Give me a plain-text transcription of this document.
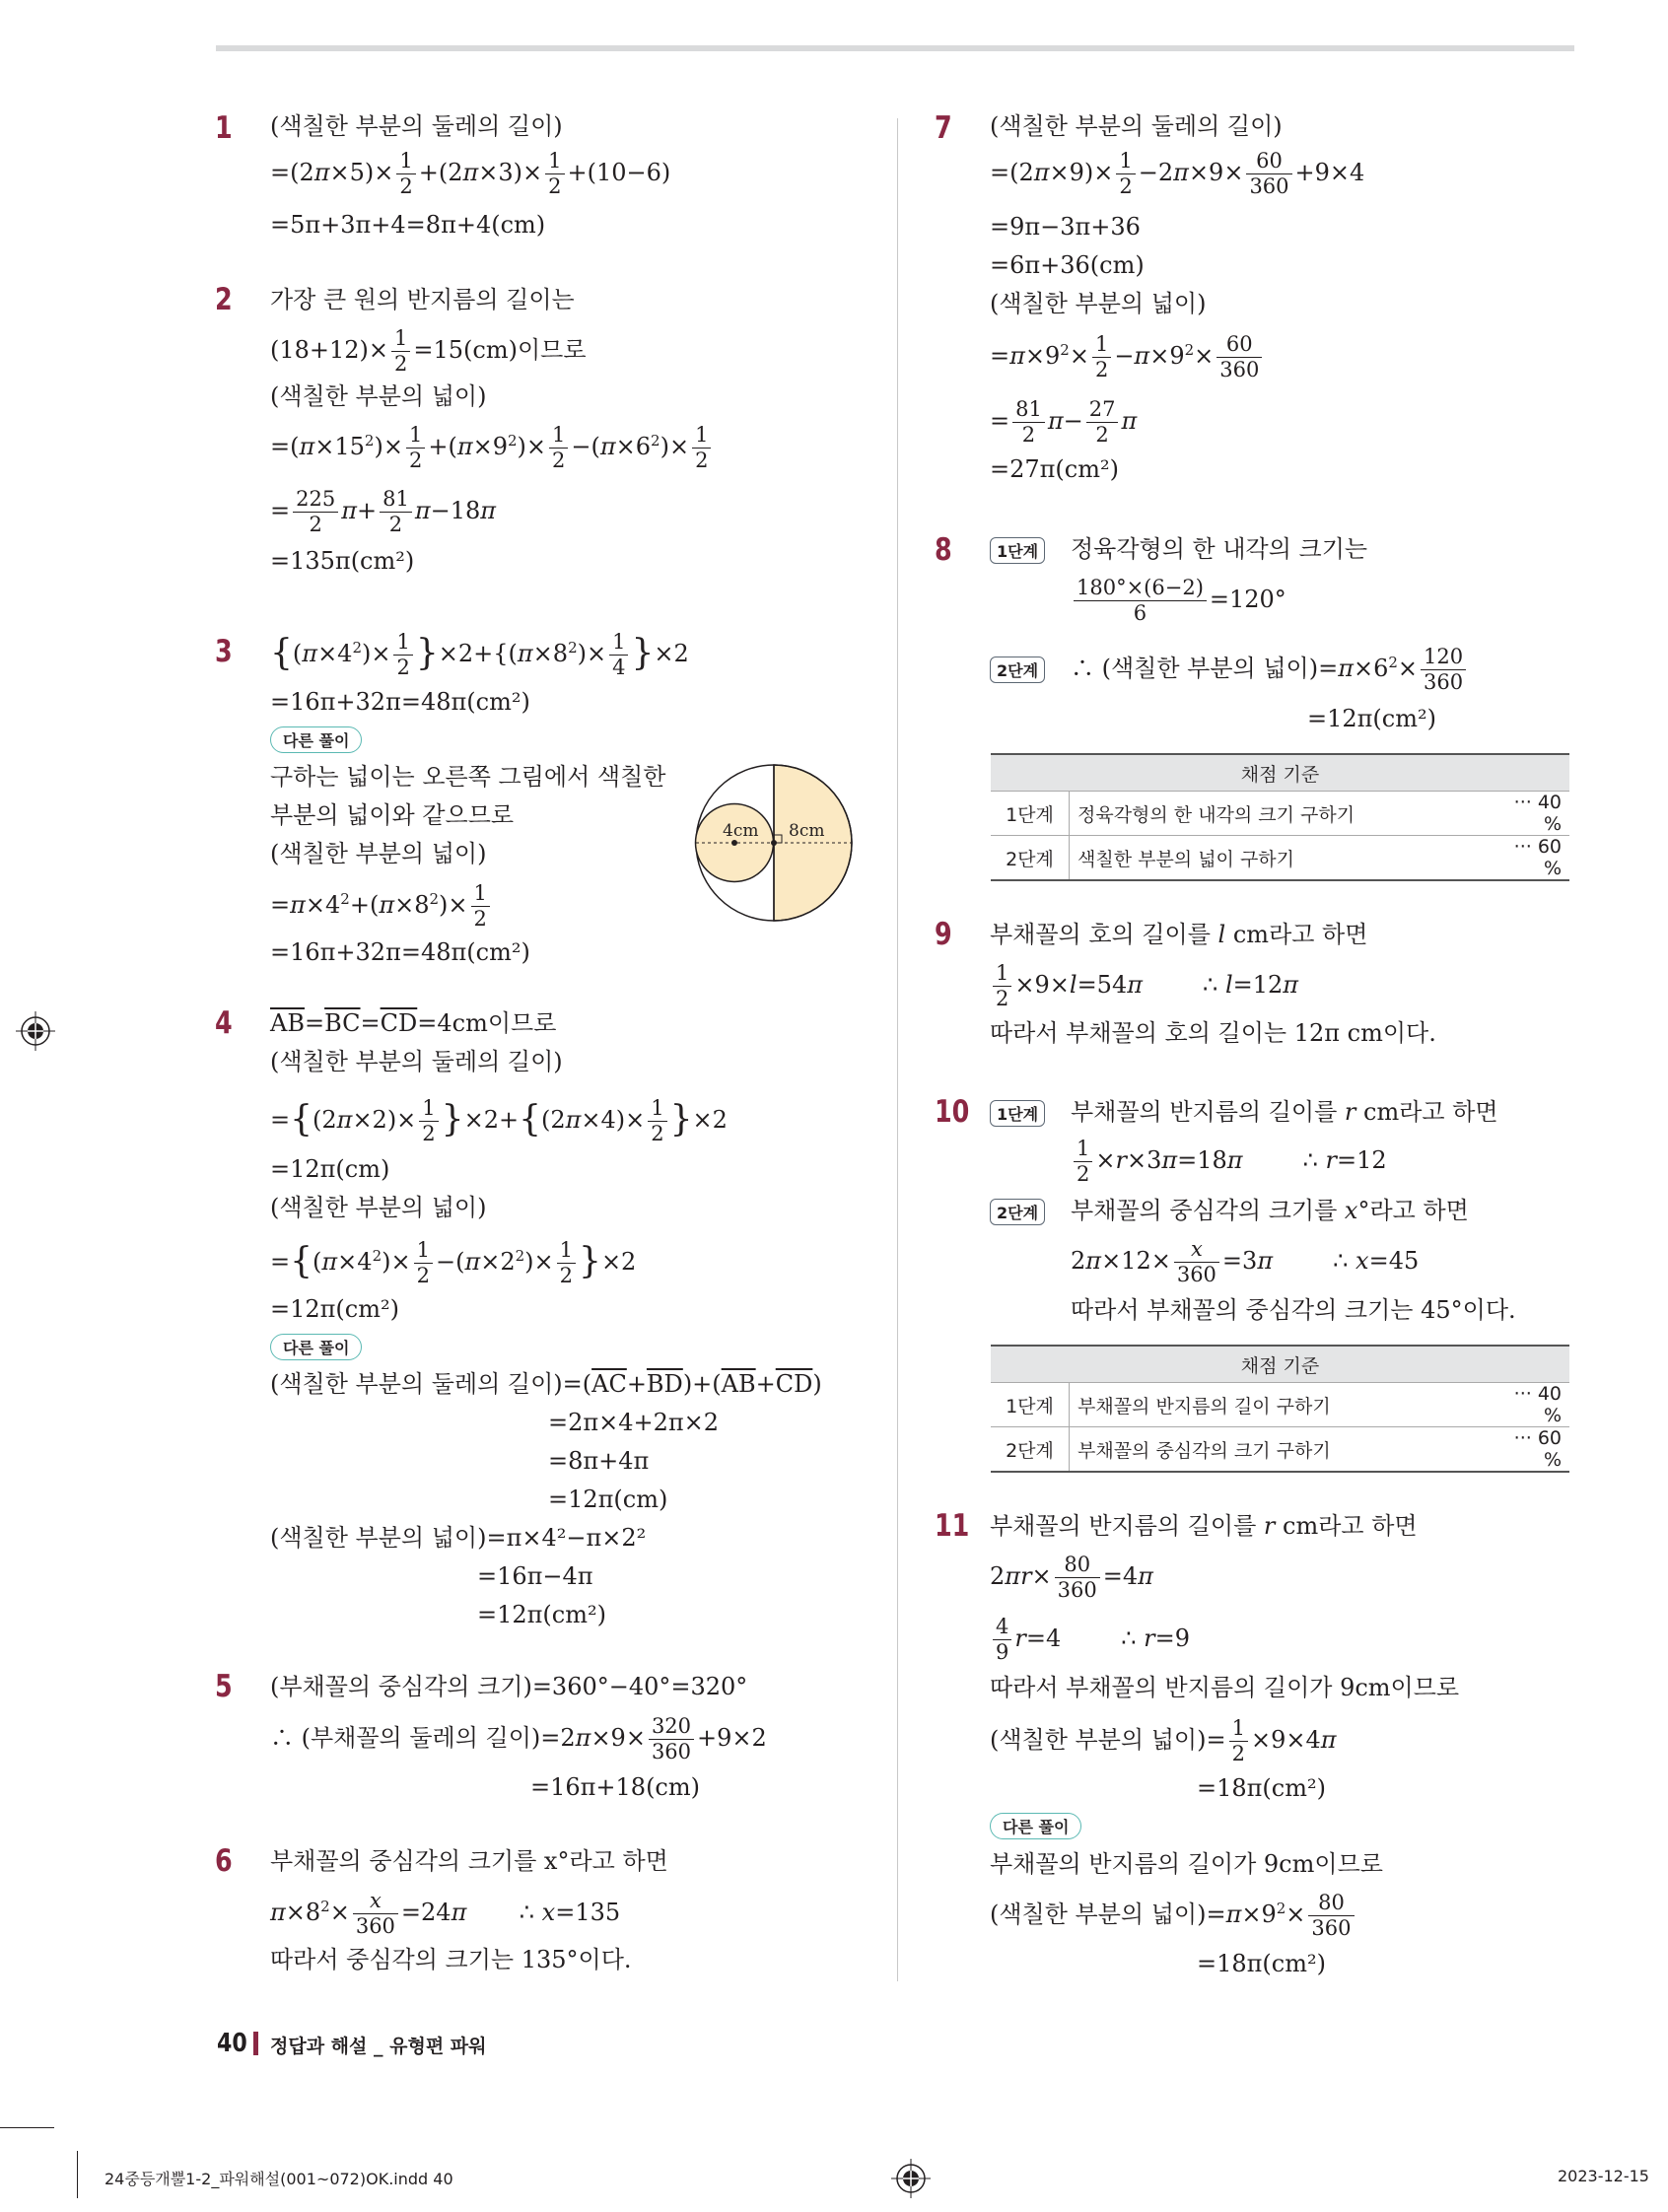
1 (색칠한 부분의 둘레의 길이)
$=(2\pi\times 5)\times \frac{1}{2} +(2\pi\times 3)\times \frac{1}{2} +(10-6)$
=5π+3π+4=8π+4(cm)
2 가장 큰 원의 반지름의 길이는
$(18+12)\times \frac{1}{2} =15(cm)$이므로
(색칠한 부분의 넓이)
$=(\pi\times 15^2)\times \frac{1}{2} +(\pi\times 9^2)\times \frac{1}{2} -(\pi\times 6^2)\times \frac{1}{2}$
= $\frac{225}{2} \pi+ \frac{81}{2} \pi-18\pi$
=135π(cm²)
3 $\{(\pi\times 4^2)\times \frac{1}{2} \}\times 2+\{(\pi\times 8^2)\times \frac{1}{4} \}\times 2$
=16π+32π=48π(cm²)
다른 풀이
구하는 넓이는 오른쪽 그림에서 색칠한
부분의 넓이와 같으므로
(색칠한 부분의 넓이)
$=\pi\times 4^2+(\pi\times 8^2)\times \frac{1}{2}$
=16π+32π=48π(cm²)
4cm 8cm
4 $\overline{AB}=\overline{BC}=\overline{CD}=4cm$이므로
(색칠한 부분의 둘레의 길이)
$=\{(2\pi\times 2)\times \frac{1}{2} \}\times 2+\{(2\pi\times 4)\times \frac{1}{2} \}\times 2$
=12π(cm)
(색칠한 부분의 넓이)
$=\{(\pi\times 4^2)\times \frac{1}{2} -(\pi\times 2^2)\times \frac{1}{2} \}\times 2$
=12π(cm²)
다른 풀이
(색칠한 부분의 둘레의 길이)$=(\overline{AC}+\overline{BD})+(\overline{AB}+\overline{CD})$
=2π×4+2π×2
=8π+4π
=12π(cm)
(색칠한 부분의 넓이)=π×4²−π×2²
=16π−4π
=12π(cm²)
5 (부채꼴의 중심각의 크기)=360°−40°=320°
∴ (부채꼴의 둘레의 길이)$=2\pi\times 9\times \frac{320}{360} +9\times 2$
=16π+18(cm)
6 부채꼴의 중심각의 크기를 x°라고 하면
$\pi\times 8^2\times \frac{x}{360} =24\pi$       ∴ x=135
따라서 중심각의 크기는 135°이다.
7 (색칠한 부분의 둘레의 길이)
$=(2\pi\times 9)\times \frac{1}{2} -2\pi\times 9\times \frac{60}{360} +9\times 4$
=9π−3π+36
=6π+36(cm)
(색칠한 부분의 넓이)
$=\pi\times 9^2\times \frac{1}{2} -\pi\times 9^2\times \frac{60}{360}$
= $\frac{81}{2} \pi- \frac{27}{2}$ π
=27π(cm²)
8	1단계 정육각형의 한 내각의 크기는
$\frac{180^\circ\times(6-2)}{6} =120^\circ$
2단계 ∴ (색칠한 부분의 넓이)$=\pi\times 6^2\times \frac{120}{360}$
=12π(cm²)
채점 기준		
1단계	정육각형의 한 내각의 크기 구하기	··· 40 %
2단계	색칠한 부분의 넓이 구하기	··· 60 %
9 부채꼴의 호의 길이를 l cm라고 하면
$\frac{1}{2} \times 9\times l=54\pi$        ∴ l=12π
따라서 부채꼴의 호의 길이는 12π cm이다.
10	1단계 부채꼴의 반지름의 길이를 r cm라고 하면
$\frac{1}{2} \times r\times 3\pi=18\pi$        ∴ r=12
2단계 부채꼴의 중심각의 크기를 x°라고 하면
$2\pi\times 12\times \frac{x}{360} =3\pi$        ∴ x=45
따라서 부채꼴의 중심각의 크기는 45°이다.
채점 기준		
1단계	부채꼴의 반지름의 길이 구하기	··· 40 %
2단계	부채꼴의 중심각의 크기 구하기	··· 60 %
11 부채꼴의 반지름의 길이를 r cm라고 하면
$2\pi r\times \frac{80}{360} =4\pi$
$\frac{4}{9} r=4$        ∴ r=9
따라서 부채꼴의 반지름의 길이가 9cm이므로
(색칠한 부분의 넓이)= $\frac{1}{2} \times 9\times 4\pi$
=18π(cm²)
다른 풀이
부채꼴의 반지름의 길이가 9cm이므로
(색칠한 부분의 넓이)$=\pi\times 9^2\times \frac{80}{360}$
=18π(cm²)
40 정답과 해설 _ 유형편 파워
24중등개뿔1-2_파워해설(001~072)OK.indd 40	2023-12-15
